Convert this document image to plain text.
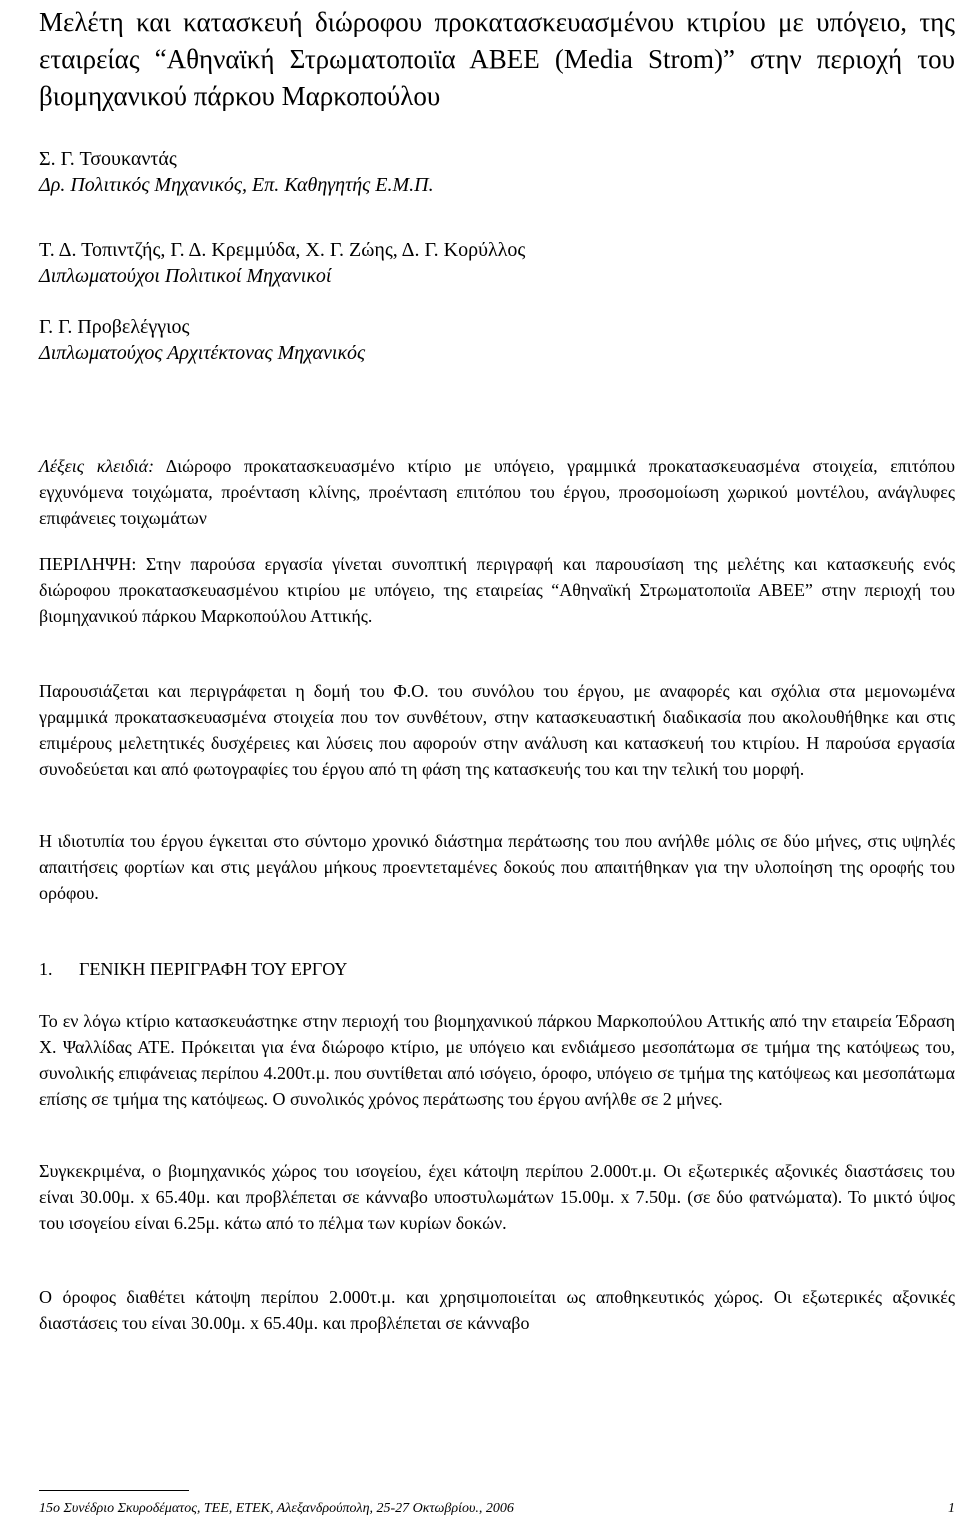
Μελέτη και κατασκευή διώροφου προκατασκευασμένου κτιρίου με υπόγειο, της εταιρείας “Αθηναϊκή Στρωματοποιϊα ΑΒΕΕ (Media Strom)” στην περιοχή του βιομηχανικού πάρκου Μαρκοπούλου
Σ. Γ. Τσουκαντάς
Δρ. Πολιτικός Μηχανικός, Επ. Καθηγητής Ε.Μ.Π.
Τ. Δ. Τοπιντζής, Γ. Δ. Κρεμμύδα, Χ. Γ. Ζώης, Δ. Γ. Κορύλλος
Διπλωματούχοι Πολιτικοί Μηχανικοί
Γ. Γ. Προβελέγγιος
Διπλωματούχος Αρχιτέκτονας Μηχανικός
Λέξεις κλειδιά: Διώροφο προκατασκευασμένο κτίριο με υπόγειο, γραμμικά προκατασκευασμένα στοιχεία, επιτόπου εγχυνόμενα τοιχώματα, προένταση κλίνης, προένταση επιτόπου του έργου, προσομοίωση χωρικού μοντέλου, ανάγλυφες επιφάνειες τοιχωμάτων
ΠΕΡΙΛΗΨΗ: Στην παρούσα εργασία γίνεται συνοπτική περιγραφή και παρουσίαση της μελέτης και κατασκευής ενός διώροφου προκατασκευασμένου κτιρίου με υπόγειο, της εταιρείας “Αθηναϊκή Στρωματοποιϊα ΑΒΕΕ” στην περιοχή του βιομηχανικού πάρκου Μαρκοπούλου Αττικής.
Παρουσιάζεται και περιγράφεται η δομή του Φ.Ο. του συνόλου του έργου, με αναφορές και σχόλια στα μεμονωμένα γραμμικά προκατασκευασμένα στοιχεία που τον συνθέτουν, στην κατασκευαστική διαδικασία που ακολουθήθηκε και στις επιμέρους μελετητικές δυσχέρειες και λύσεις που αφορούν στην ανάλυση και κατασκευή του κτιρίου. Η παρούσα εργασία συνοδεύεται και από φωτογραφίες του έργου από τη φάση της κατασκευής του και την τελική του μορφή.
Η ιδιοτυπία του έργου έγκειται στο σύντομο χρονικό διάστημα περάτωσης του που ανήλθε μόλις σε δύο μήνες, στις υψηλές απαιτήσεις φορτίων και στις μεγάλου μήκους προεντεταμένες δοκούς που απαιτήθηκαν για την υλοποίηση της οροφής του ορόφου.
1. ΓΕΝΙΚΗ ΠΕΡΙΓΡΑΦΗ ΤΟΥ ΕΡΓΟΥ
Το εν λόγω κτίριο κατασκευάστηκε στην περιοχή του βιομηχανικού πάρκου Μαρκοπούλου Αττικής από την εταιρεία Έδραση Χ. Ψαλλίδας ΑΤΕ. Πρόκειται για ένα διώροφο κτίριο, με υπόγειο και ενδιάμεσο μεσοπάτωμα σε τμήμα της κατόψεως του, συνολικής επιφάνειας περίπου 4.200τ.μ. που συντίθεται από ισόγειο, όροφο, υπόγειο σε τμήμα της κατόψεως και μεσοπάτωμα επίσης σε τμήμα της κατόψεως. Ο συνολικός χρόνος περάτωσης του έργου ανήλθε σε 2 μήνες.
Συγκεκριμένα, ο βιομηχανικός χώρος του ισογείου, έχει κάτοψη περίπου 2.000τ.μ. Οι εξωτερικές αξονικές διαστάσεις του είναι 30.00μ. x 65.40μ. και προβλέπεται σε κάνναβο υποστυλωμάτων 15.00μ. x 7.50μ. (σε δύο φατνώματα). Το μικτό ύψος του ισογείου είναι 6.25μ. κάτω από το πέλμα των κυρίων δοκών.
Ο όροφος διαθέτει κάτοψη περίπου 2.000τ.μ. και χρησιμοποιείται ως αποθηκευτικός χώρος. Οι εξωτερικές αξονικές διαστάσεις του είναι 30.00μ. x 65.40μ. και προβλέπεται σε κάνναβο
15ο Συνέδριο Σκυροδέματος, ΤΕΕ, ΕΤΕΚ, Αλεξανδρούπολη, 25-27 Οκτωβρίου., 2006	1
